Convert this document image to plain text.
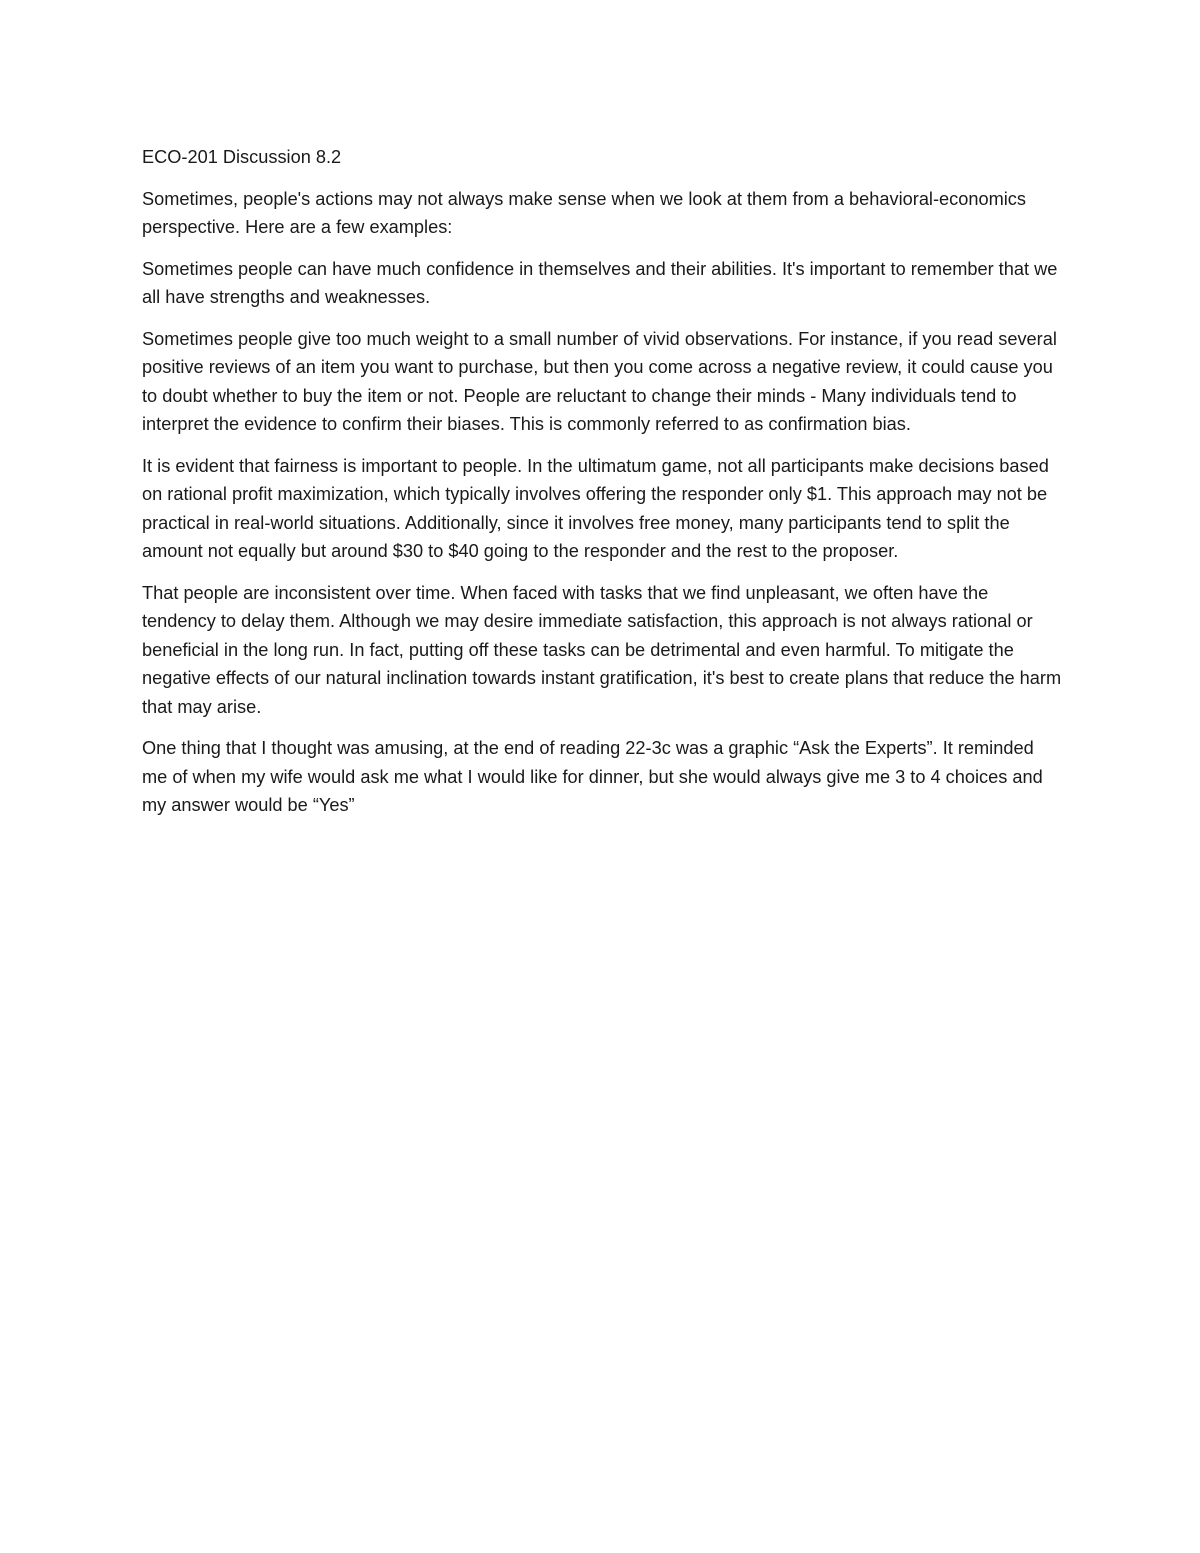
ECO-201 Discussion 8.2

Sometimes, people's actions may not always make sense when we look at them from a behavioral-economics perspective. Here are a few examples:

Sometimes people can have much confidence in themselves and their abilities. It's important to remember that we all have strengths and weaknesses.

Sometimes people give too much weight to a small number of vivid observations. For instance, if you read several positive reviews of an item you want to purchase, but then you come across a negative review, it could cause you to doubt whether to buy the item or not. People are reluctant to change their minds - Many individuals tend to interpret the evidence to confirm their biases. This is commonly referred to as confirmation bias.

It is evident that fairness is important to people. In the ultimatum game, not all participants make decisions based on rational profit maximization, which typically involves offering the responder only $1. This approach may not be practical in real-world situations. Additionally, since it involves free money, many participants tend to split the amount not equally but around $30 to $40 going to the responder and the rest to the proposer.

That people are inconsistent over time. When faced with tasks that we find unpleasant, we often have the tendency to delay them. Although we may desire immediate satisfaction, this approach is not always rational or beneficial in the long run. In fact, putting off these tasks can be detrimental and even harmful. To mitigate the negative effects of our natural inclination towards instant gratification, it's best to create plans that reduce the harm that may arise.

One thing that I thought was amusing, at the end of reading 22-3c was a graphic “Ask the Experts”. It reminded me of when my wife would ask me what I would like for dinner, but she would always give me 3 to 4 choices and my answer would be “Yes”
